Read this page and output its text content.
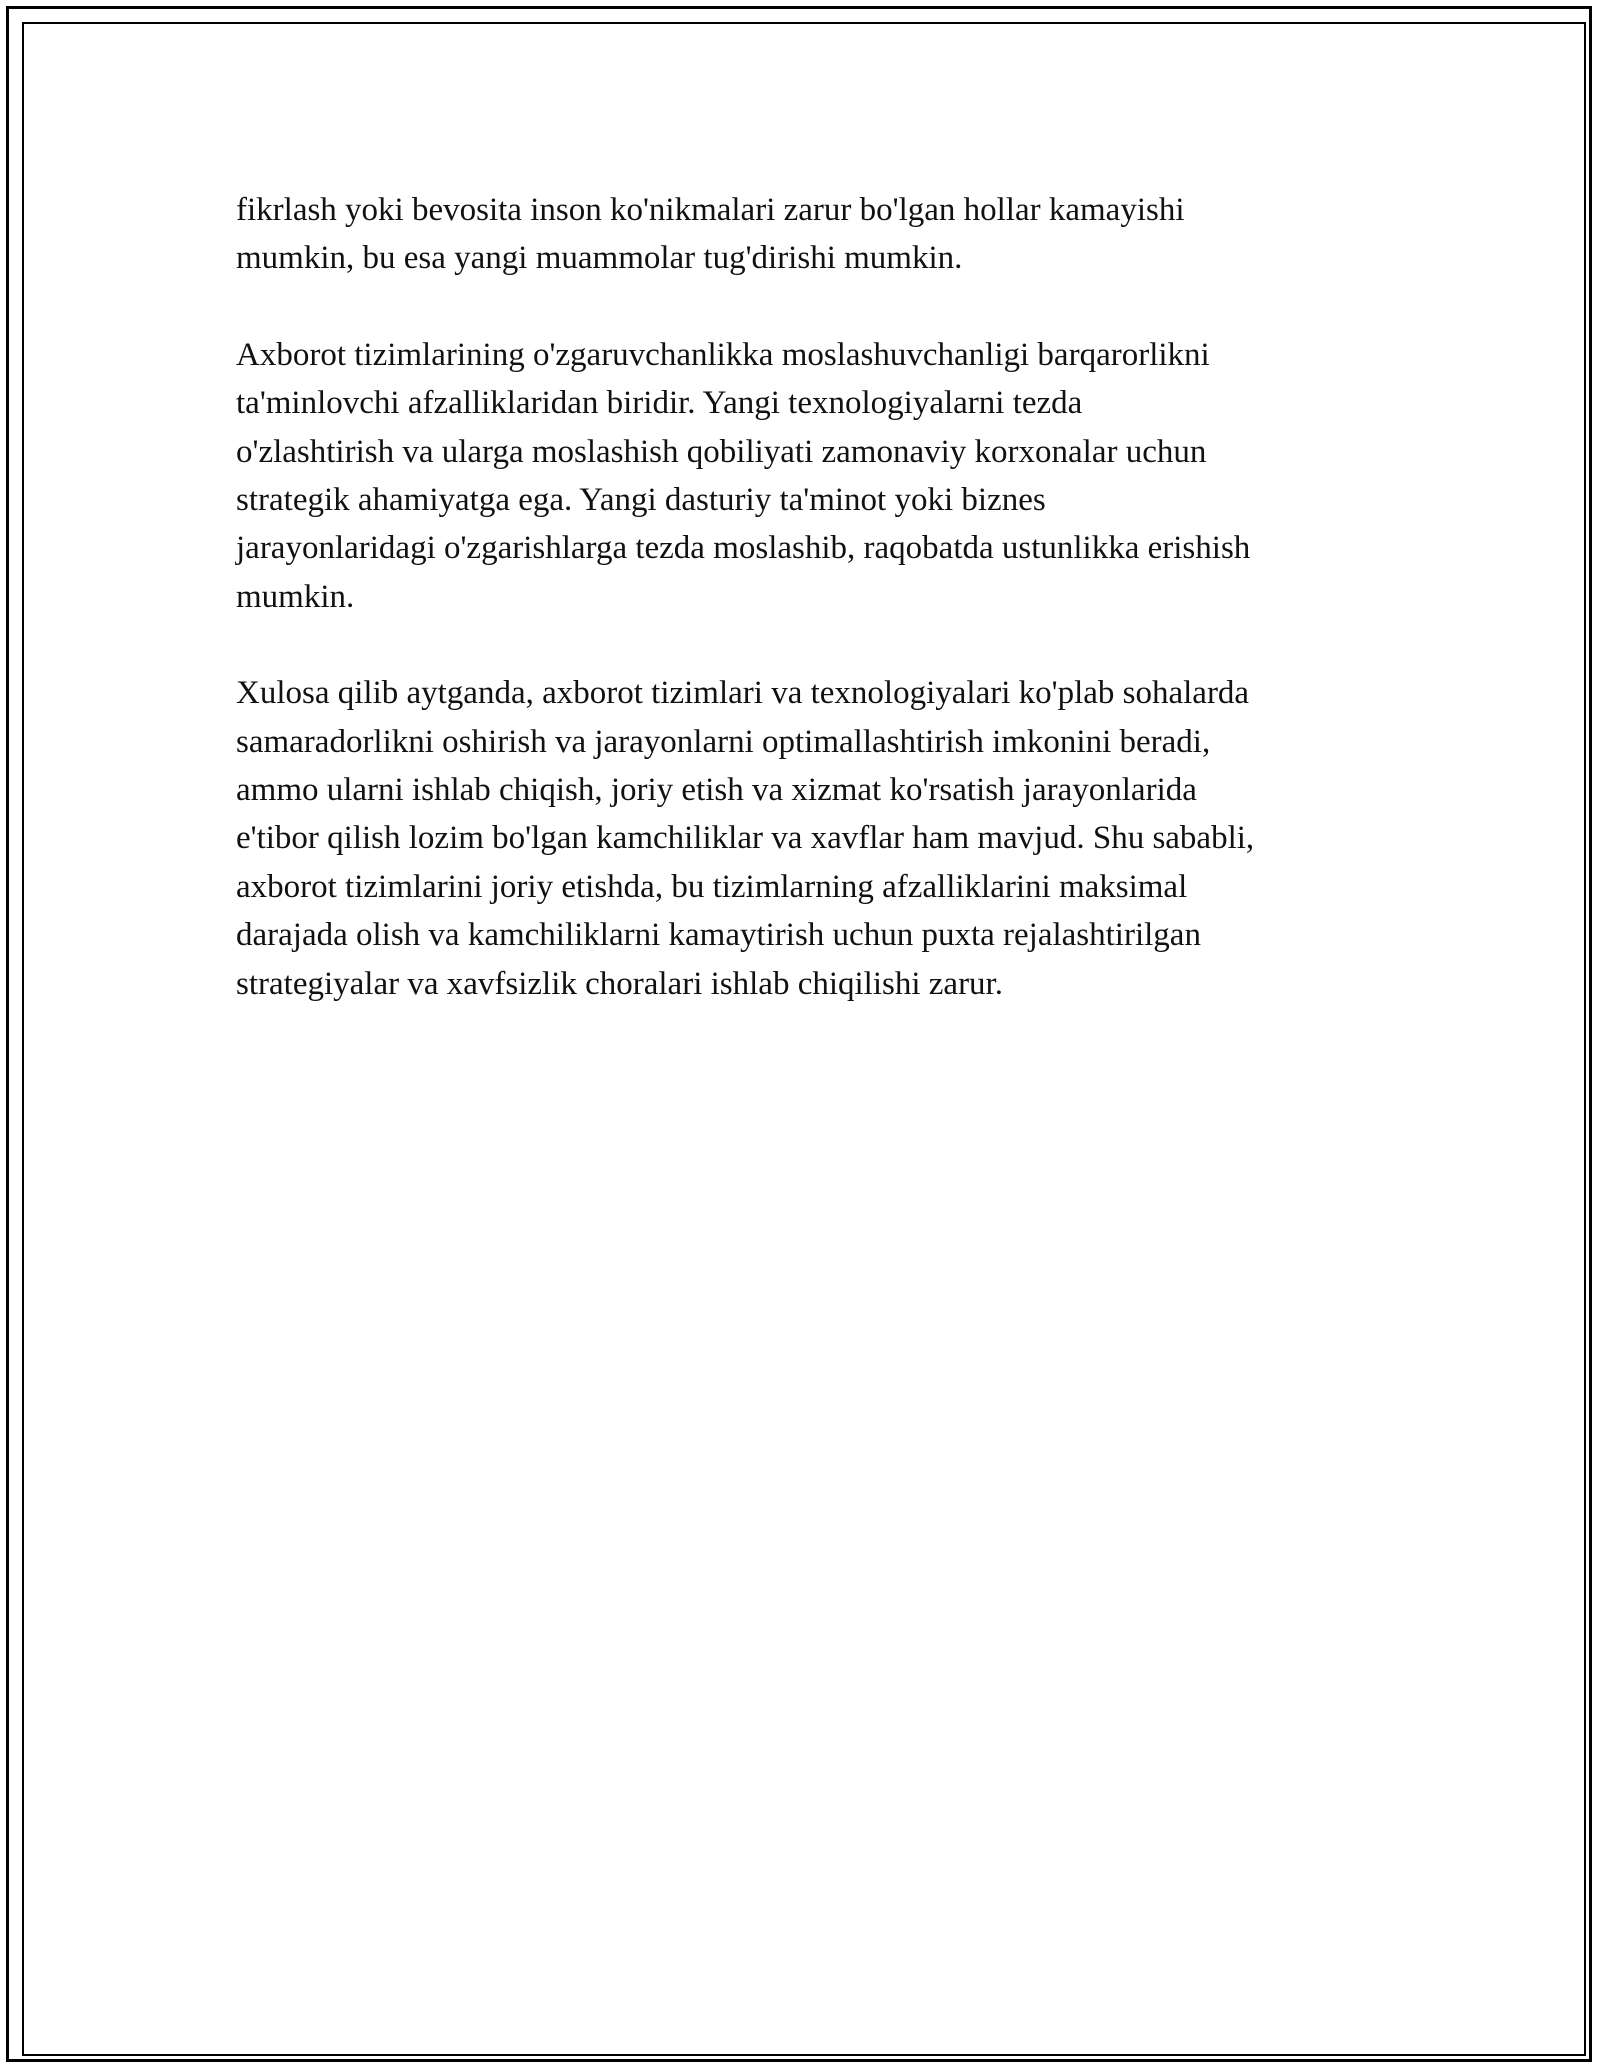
fikrlash yoki bevosita inson ko'nikmalari zarur bo'lgan hollar kamayishi
mumkin, bu esa yangi muammolar tug'dirishi mumkin.

Axborot tizimlarining o'zgaruvchanlikka moslashuvchanligi barqarorlikni
ta'minlovchi afzalliklaridan biridir. Yangi texnologiyalarni tezda
o'zlashtirish va ularga moslashish qobiliyati zamonaviy korxonalar uchun
strategik ahamiyatga ega. Yangi dasturiy ta'minot yoki biznes
jarayonlaridagi o'zgarishlarga tezda moslashib, raqobatda ustunlikka erishish
mumkin.

Xulosa qilib aytganda, axborot tizimlari va texnologiyalari ko'plab sohalarda
samaradorlikni oshirish va jarayonlarni optimallashtirish imkonini beradi,
ammo ularni ishlab chiqish, joriy etish va xizmat ko'rsatish jarayonlarida
e'tibor qilish lozim bo'lgan kamchiliklar va xavflar ham mavjud. Shu sababli,
axborot tizimlarini joriy etishda, bu tizimlarning afzalliklarini maksimal
darajada olish va kamchiliklarni kamaytirish uchun puxta rejalashtirilgan
strategiyalar va xavfsizlik choralari ishlab chiqilishi zarur.
